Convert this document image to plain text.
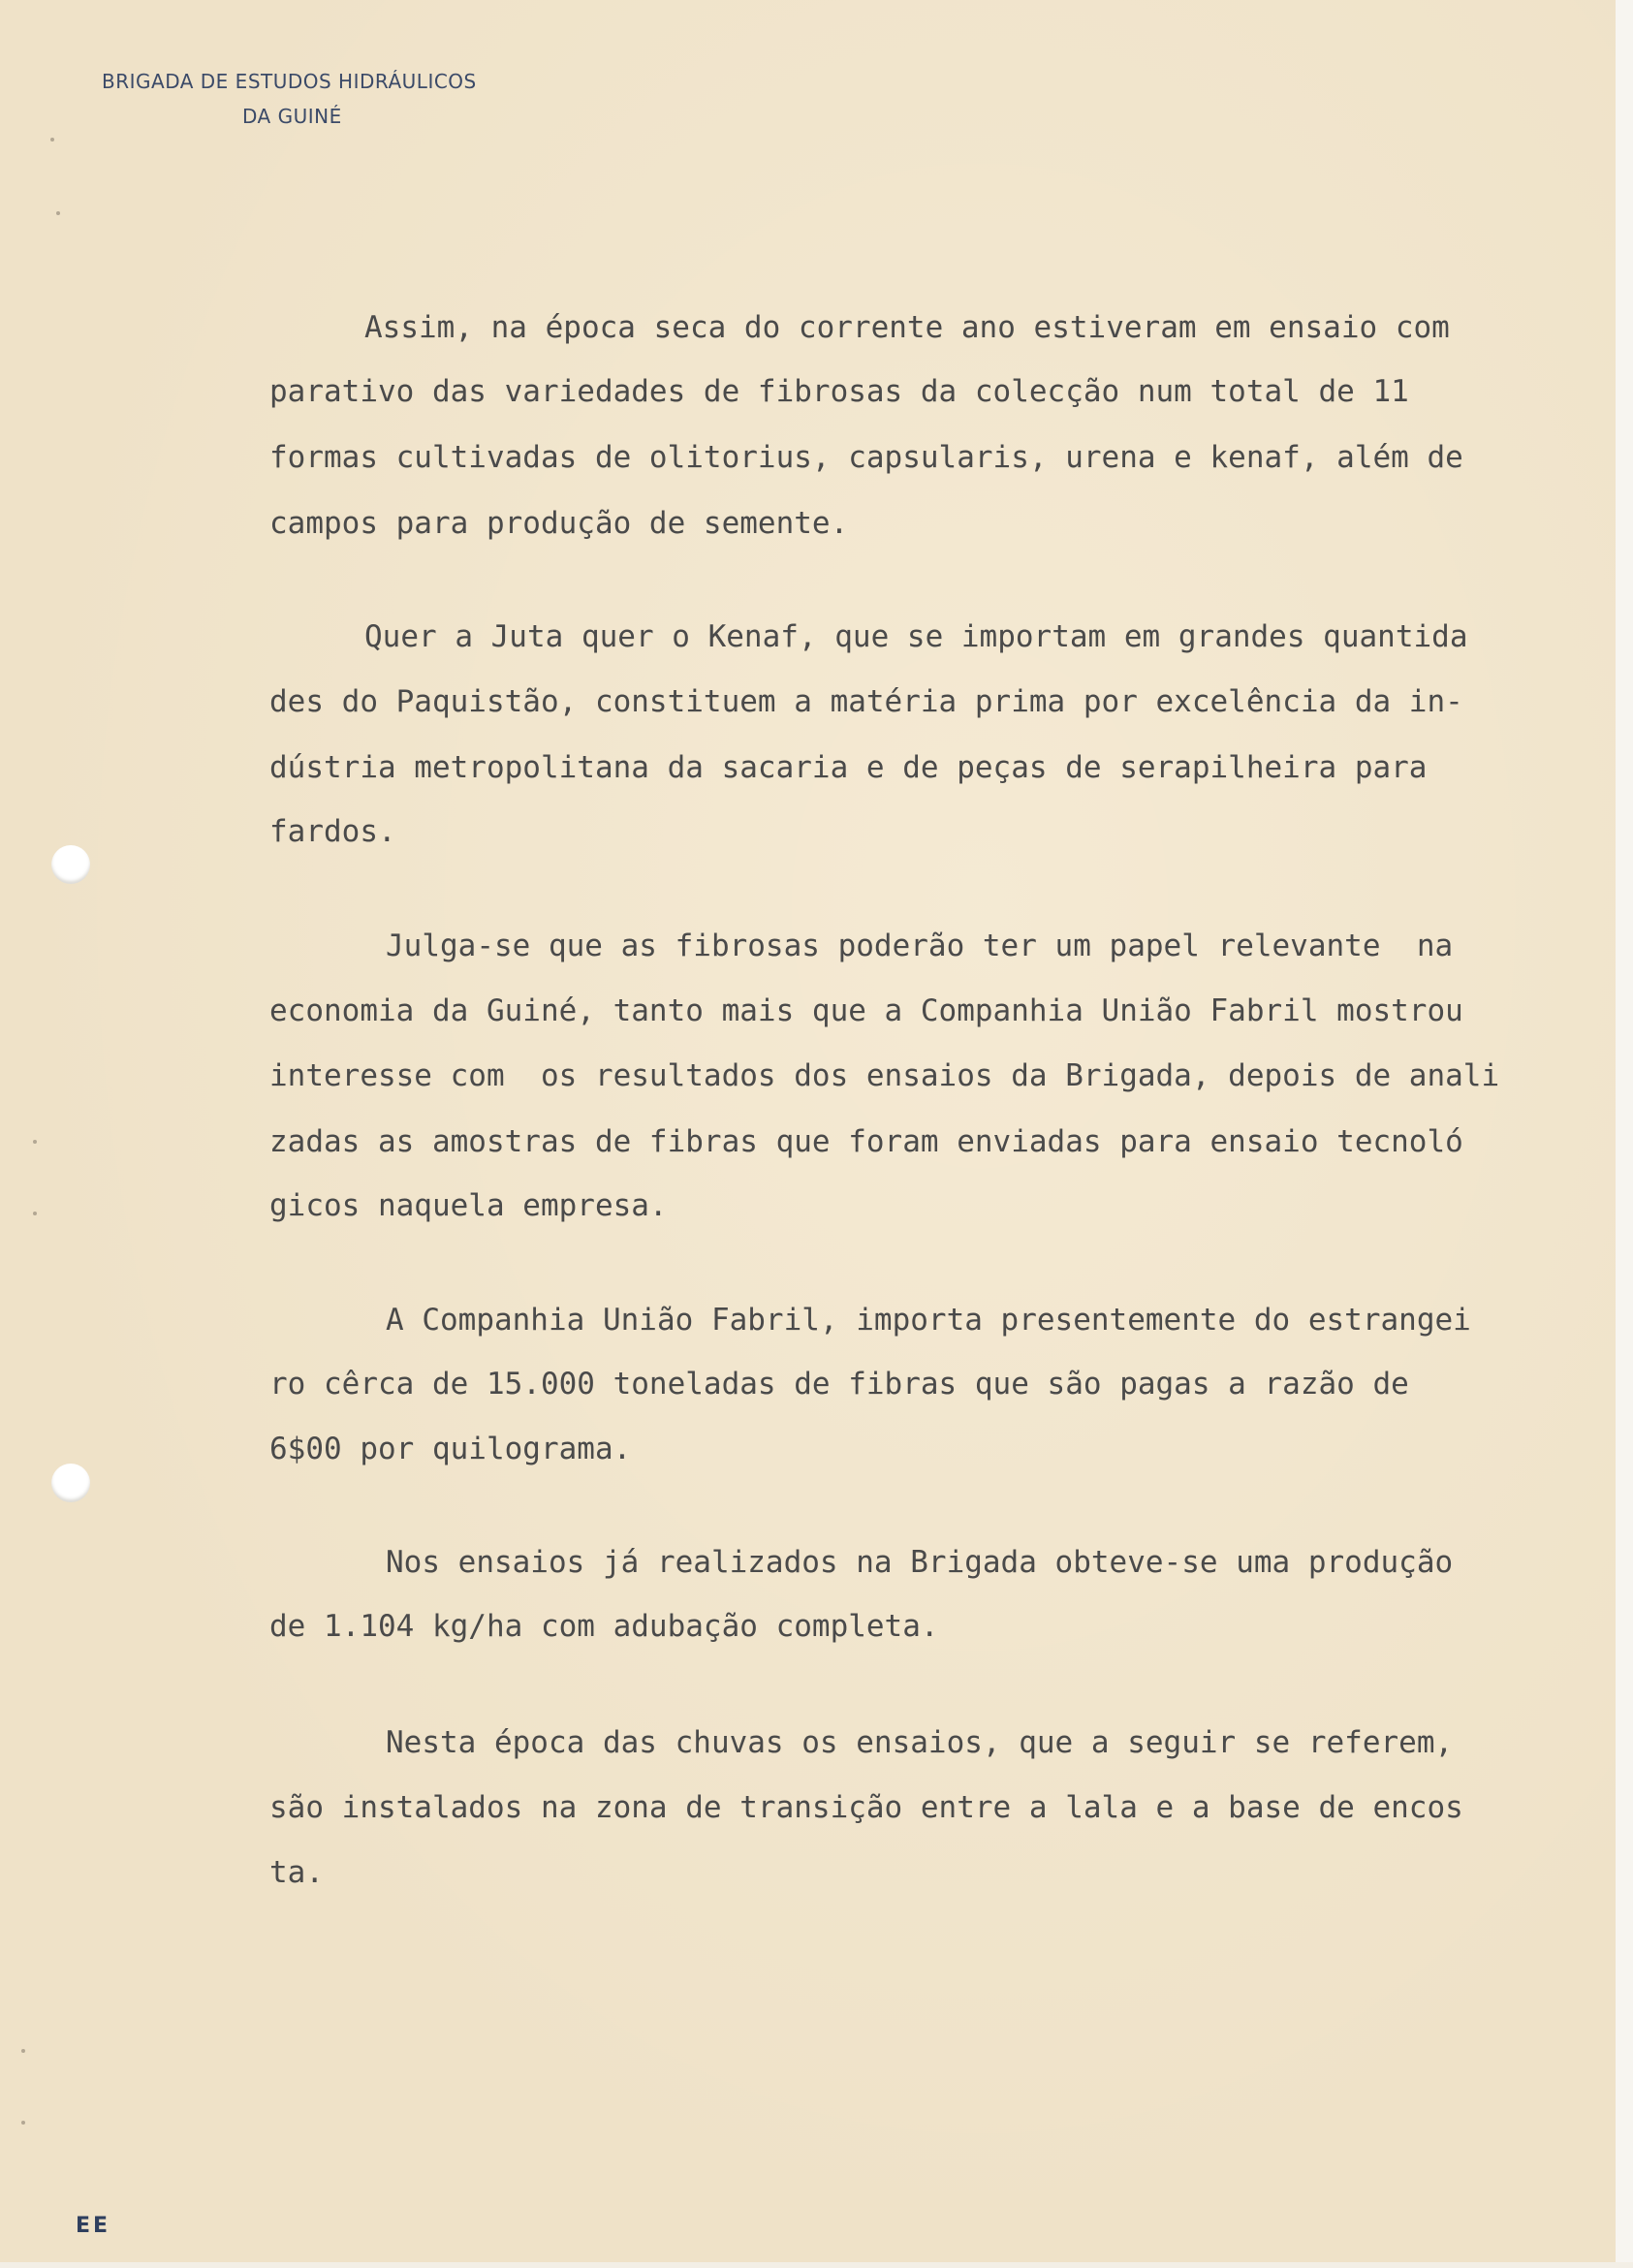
BRIGADA DE ESTUDOS HIDRÁULICOS
DA GUINÉ
Assim, na época seca do corrente ano estiveram em ensaio com
parativo das variedades de fibrosas da colecção num total de 11
formas cultivadas de olitorius, capsularis, urena e kenaf, além de
campos para produção de semente.
Quer a Juta quer o Kenaf, que se importam em grandes quantida
des do Paquistão, constituem a matéria prima por excelência da in-
dústria metropolitana da sacaria e de peças de serapilheira para
fardos.
Julga-se que as fibrosas poderão ter um papel relevante  na
economia da Guiné, tanto mais que a Companhia União Fabril mostrou
interesse com  os resultados dos ensaios da Brigada, depois de anali
zadas as amostras de fibras que foram enviadas para ensaio tecnoló
gicos naquela empresa.
A Companhia União Fabril, importa presentemente do estrangei
ro cêrca de 15.000 toneladas de fibras que são pagas a razão de
6$00 por quilograma.
Nos ensaios já realizados na Brigada obteve-se uma produção
de 1.104 kg/ha com adubação completa.
Nesta época das chuvas os ensaios, que a seguir se referem,
são instalados na zona de transição entre a lala e a base de encos
ta.
EE
